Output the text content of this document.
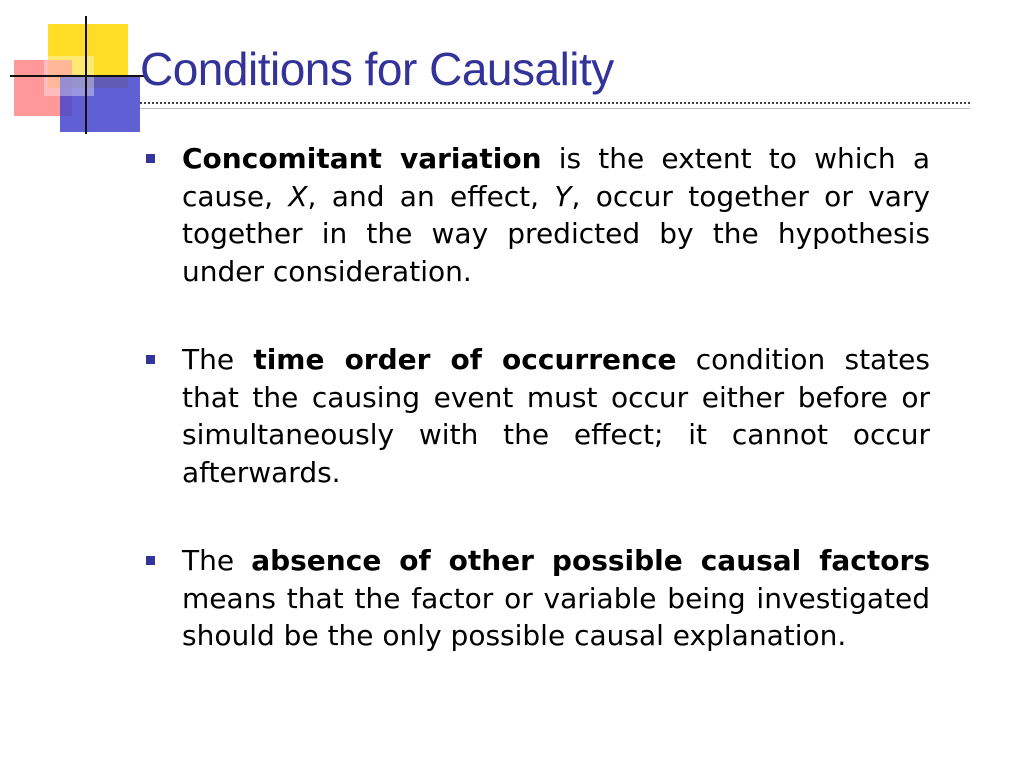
Conditions for Causality
Concomitant variation is the extent to which a cause, X, and an effect, Y, occur together or vary together in the way predicted by the hypothesis under consideration.
The time order of occurrence condition states that the causing event must occur either before or simultaneously with the effect; it cannot occur afterwards.
The absence of other possible causal factors means that the factor or variable being investigated should be the only possible causal explanation.
